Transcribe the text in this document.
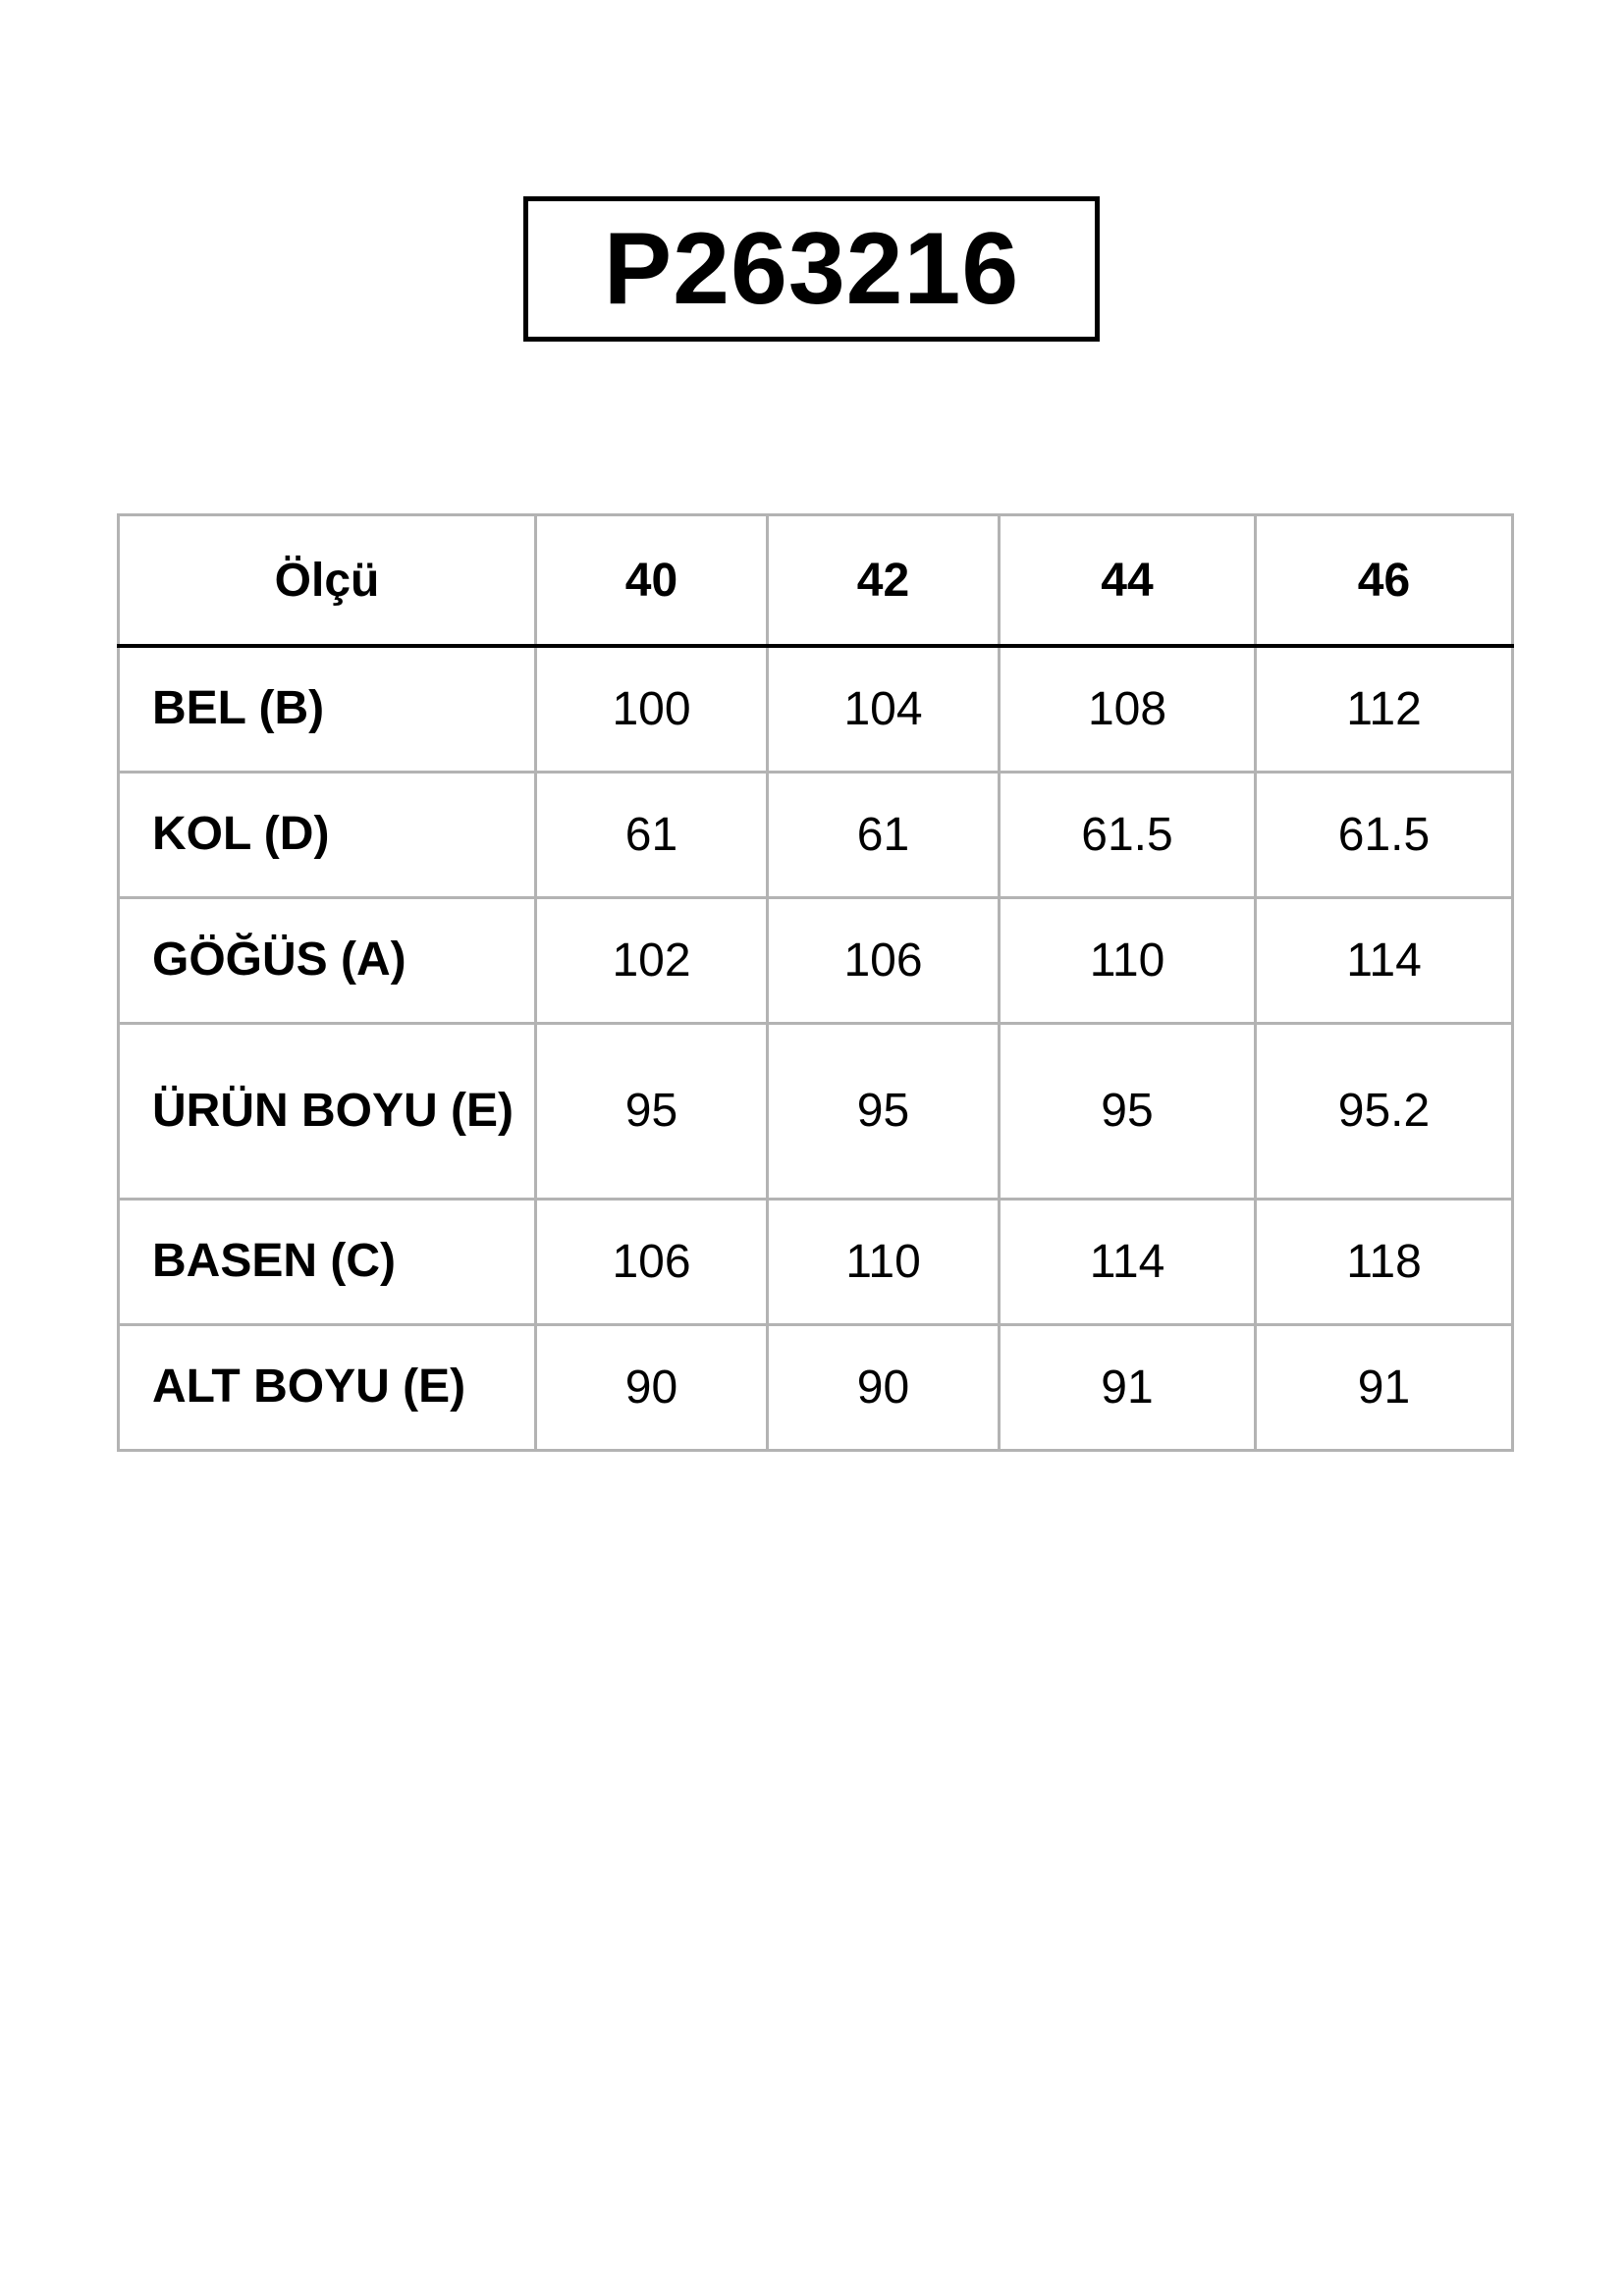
P263216
Ölçü	40	42	44	46
BEL (B)	100	104	108	112
KOL (D)	61	61	61.5	61.5
GÖĞÜS (A)	102	106	110	114
ÜRÜN BOYU (E)	95	95	95	95.2
BASEN (C)	106	110	114	118
ALT BOYU (E)	90	90	91	91
